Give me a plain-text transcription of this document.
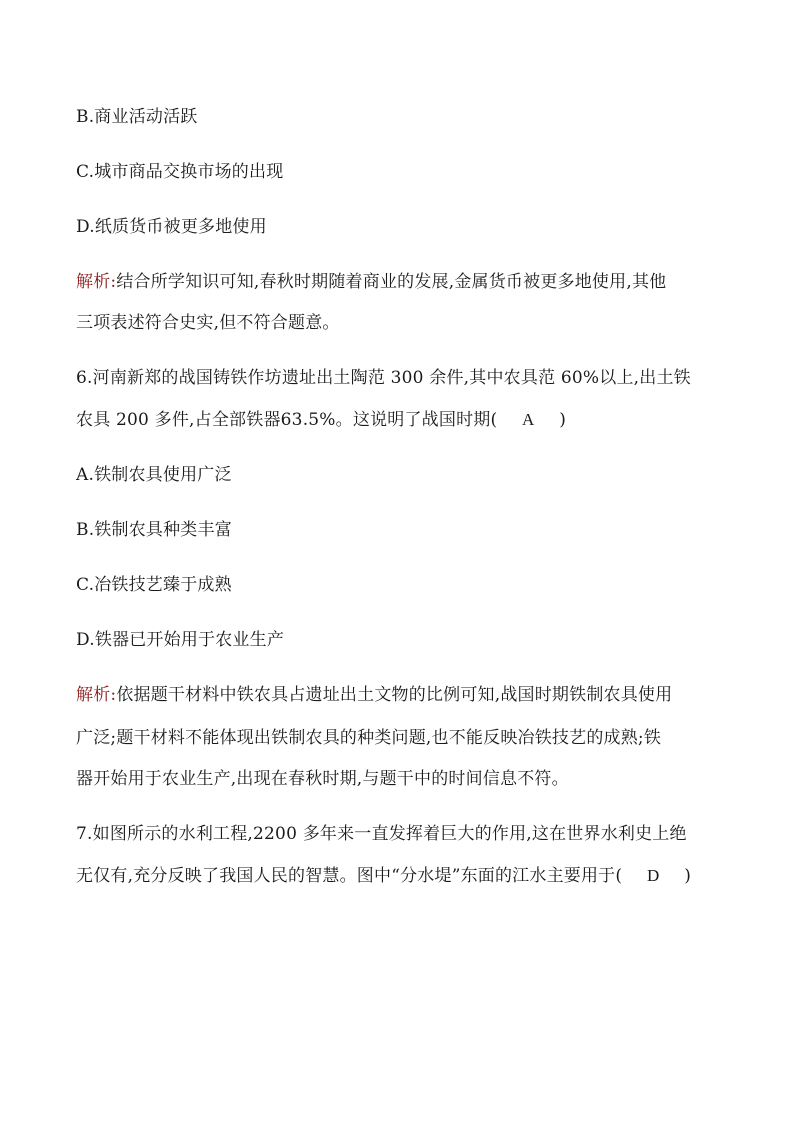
B.商业活动活跃
C.城市商品交换市场的出现
D.纸质货币被更多地使用
解析:结合所学知识可知,春秋时期随着商业的发展,金属货币被更多地使用,其他
三项表述符合史实,但不符合题意。
6.河南新郑的战国铸铁作坊遗址出土陶范 300 余件,其中农具范 60%以上,出土铁
农具 200 多件,占全部铁器63.5%。这说明了战国时期( A )
A.铁制农具使用广泛
B.铁制农具种类丰富
C.冶铁技艺臻于成熟
D.铁器已开始用于农业生产
解析:依据题干材料中铁农具占遗址出土文物的比例可知,战国时期铁制农具使用
广泛;题干材料不能体现出铁制农具的种类问题,也不能反映冶铁技艺的成熟;铁
器开始用于农业生产,出现在春秋时期,与题干中的时间信息不符。
7.如图所示的水利工程,2200 多年来一直发挥着巨大的作用,这在世界水利史上绝
无仅有,充分反映了我国人民的智慧。图中“分水堤”东面的江水主要用于( D )
